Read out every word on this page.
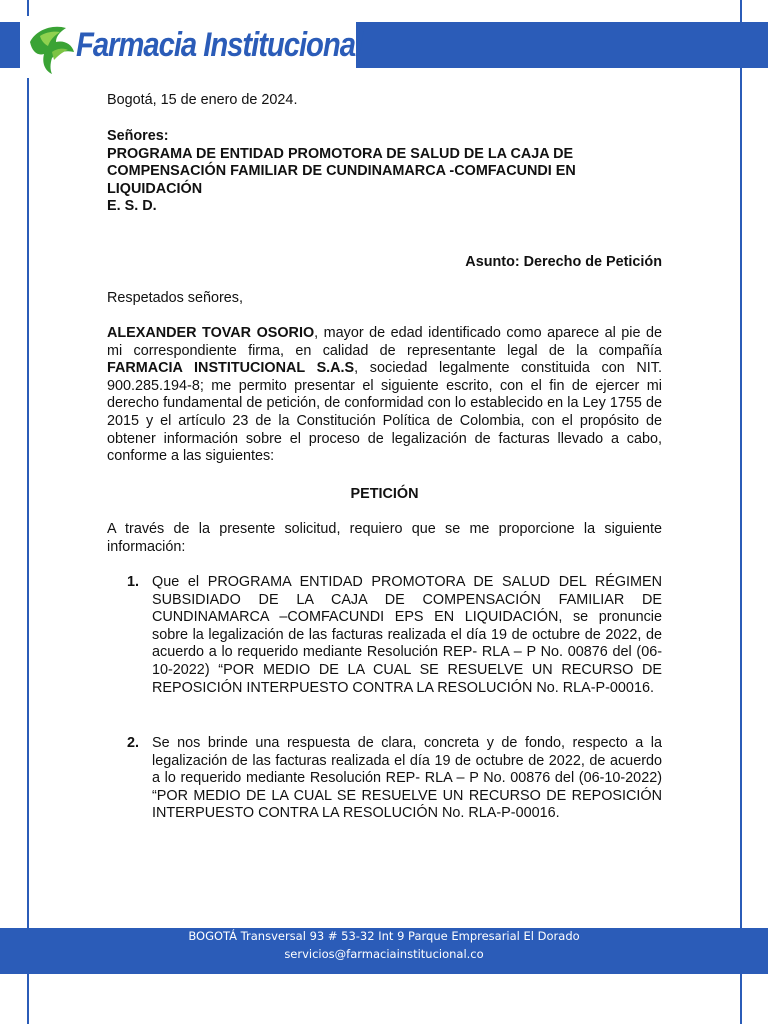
Farmacia Institucional

Bogotá, 15 de enero de 2024.

Señores:

PROGRAMA DE ENTIDAD PROMOTORA DE SALUD DE LA CAJA DE COMPENSACIÓN FAMILIAR DE CUNDINAMARCA -COMFACUNDI EN LIQUIDACIÓN

E. S. D.

Asunto: Derecho de Petición

Respetados señores,

ALEXANDER TOVAR OSORIO, mayor de edad identificado como aparece al pie de mi correspondiente firma, en calidad de representante legal de la compañía FARMACIA INSTITUCIONAL S.A.S, sociedad legalmente constituida con NIT. 900.285.194-8; me permito presentar el siguiente escrito, con el fin de ejercer mi derecho fundamental de petición, de conformidad con lo establecido en la Ley 1755 de 2015 y el artículo 23 de la Constitución Política de Colombia, con el propósito de obtener información sobre el proceso de legalización de facturas llevado a cabo, conforme a las siguientes:

PETICIÓN

A través de la presente solicitud, requiero que se me proporcione la siguiente información:

1. Que el PROGRAMA ENTIDAD PROMOTORA DE SALUD DEL RÉGIMEN SUBSIDIADO DE LA CAJA DE COMPENSACIÓN FAMILIAR DE CUNDINAMARCA –COMFACUNDI EPS EN LIQUIDACIÓN, se pronuncie sobre la legalización de las facturas realizada el día 19 de octubre de 2022, de acuerdo a lo requerido mediante Resolución REP- RLA – P No. 00876 del (06-10-2022) “POR MEDIO DE LA CUAL SE RESUELVE UN RECURSO DE REPOSICIÓN INTERPUESTO CONTRA LA RESOLUCIÓN No. RLA-P-00016.
2. Se nos brinde una respuesta de clara, concreta y de fondo, respecto a la legalización de las facturas realizada el día 19 de octubre de 2022, de acuerdo a lo requerido mediante Resolución REP- RLA – P No. 00876 del (06-10-2022) “POR MEDIO DE LA CUAL SE RESUELVE UN RECURSO DE REPOSICIÓN INTERPUESTO CONTRA LA RESOLUCIÓN No. RLA-P-00016.
BOGOTÁ Transversal 93 # 53-32 Int 9 Parque Empresarial El Dorado
servicios@farmaciainstitucional.co
